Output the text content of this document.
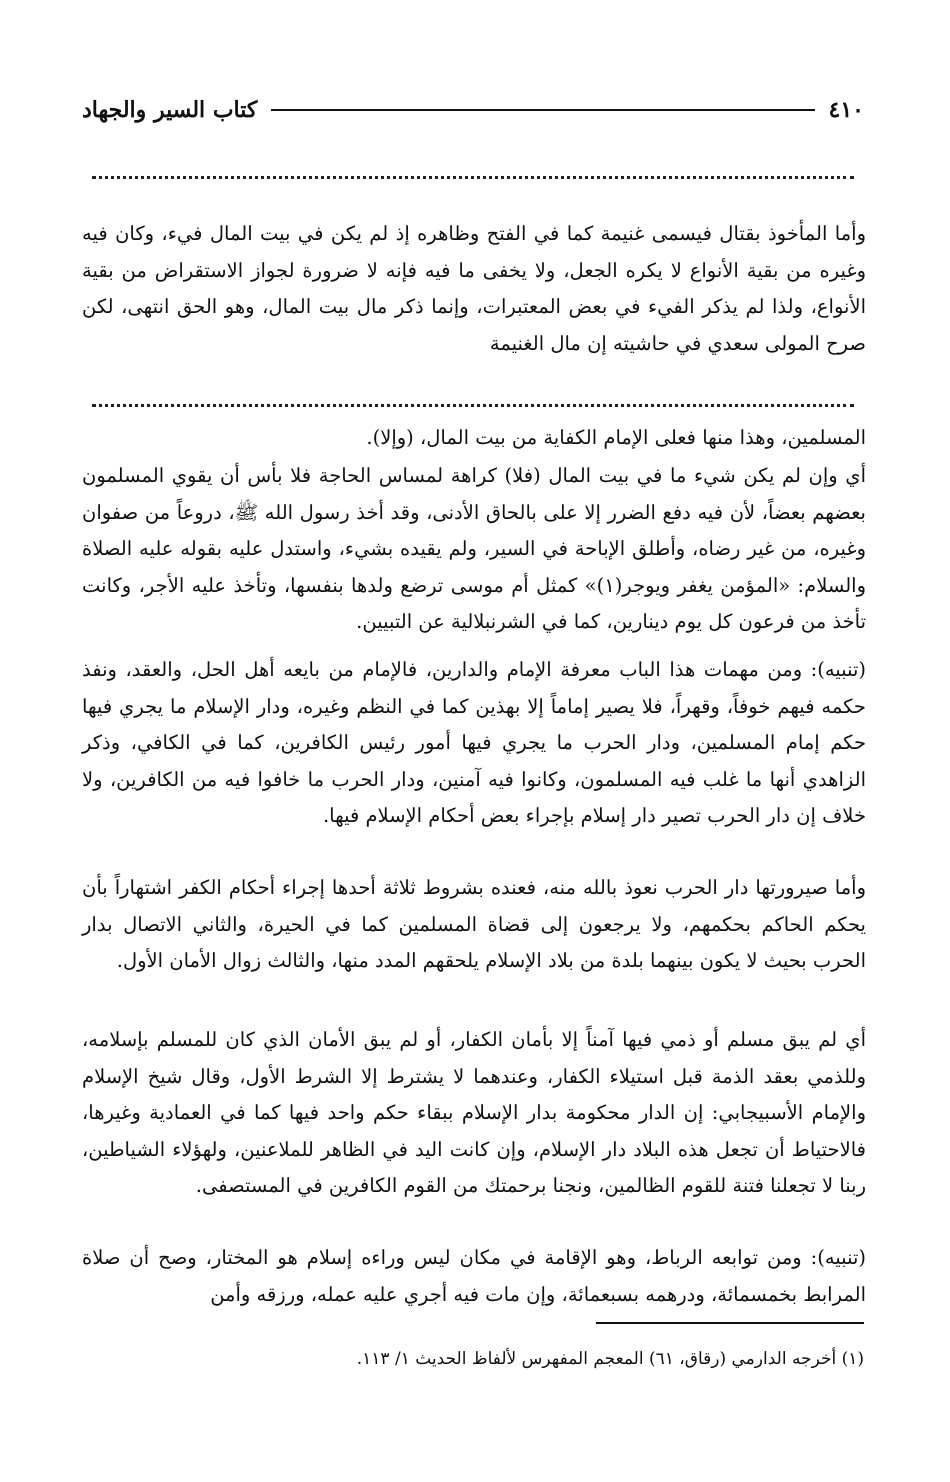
٤١٠
كتاب السير والجهاد

وأما المأخوذ بقتال فيسمى غنيمة كما في الفتح وظاهره إذ لم يكن في بيت المال فيء، وكان فيه وغيره من بقية الأنواع لا يكره الجعل، ولا يخفى ما فيه فإنه لا ضرورة لجواز الاستقراض من بقية الأنواع، ولذا لم يذكر الفيء في بعض المعتبرات، وإنما ذكر مال بيت المال، وهو الحق انتهى، لكن صرح المولى سعدي في حاشيته إن مال الغنيمة

المسلمين، وهذا منها فعلى الإمام الكفاية من بيت المال، (وإلا).

أي وإن لم يكن شيء ما في بيت المال (فلا) كراهة لمساس الحاجة فلا بأس أن يقوي المسلمون بعضهم بعضاً، لأن فيه دفع الضرر إلا على بالحاق الأدنى، وقد أخذ رسول الله ﷺ، دروعاً من صفوان وغيره، من غير رضاه، وأطلق الإباحة في السير، ولم يقيده بشيء، واستدل عليه بقوله عليه الصلاة والسلام: «المؤمن يغفر ويوجر(١)» كمثل أم موسى ترضع ولدها بنفسها، وتأخذ عليه الأجر، وكانت تأخذ من فرعون كل يوم دينارين، كما في الشرنبلالية عن التبيين.

(تنبيه): ومن مهمات هذا الباب معرفة الإمام والدارين، فالإمام من بايعه أهل الحل، والعقد، ونفذ حكمه فيهم خوفاً، وقهراً، فلا يصير إماماً إلا بهذين كما في النظم وغيره، ودار الإسلام ما يجري فيها حكم إمام المسلمين، ودار الحرب ما يجري فيها أمور رئيس الكافرين، كما في الكافي، وذكر الزاهدي أنها ما غلب فيه المسلمون، وكانوا فيه آمنين، ودار الحرب ما خافوا فيه من الكافرين، ولا خلاف إن دار الحرب تصير دار إسلام بإجراء بعض أحكام الإسلام فيها.

وأما صيرورتها دار الحرب نعوذ بالله منه، فعنده بشروط ثلاثة أحدها إجراء أحكام الكفر اشتهاراً بأن يحكم الحاكم بحكمهم، ولا يرجعون إلى قضاة المسلمين كما في الحيرة، والثاني الاتصال بدار الحرب بحيث لا يكون بينهما بلدة من بلاد الإسلام يلحقهم المدد منها، والثالث زوال الأمان الأول.

أي لم يبق مسلم أو ذمي فيها آمناً إلا بأمان الكفار، أو لم يبق الأمان الذي كان للمسلم بإسلامه، وللذمي بعقد الذمة قبل استيلاء الكفار، وعندهما لا يشترط إلا الشرط الأول، وقال شيخ الإسلام والإمام الأسبيجابي: إن الدار محكومة بدار الإسلام ببقاء حكم واحد فيها كما في العمادية وغيرها، فالاحتياط أن تجعل هذه البلاد دار الإسلام، وإن كانت اليد في الظاهر للملاعنين، ولهؤلاء الشياطين، ربنا لا تجعلنا فتنة للقوم الظالمين، ونجنا برحمتك من القوم الكافرين في المستصفى.

(تنبيه): ومن توابعه الرباط، وهو الإقامة في مكان ليس وراءه إسلام هو المختار، وصح أن صلاة المرابط بخمسمائة، ودرهمه بسبعمائة، وإن مات فيه أجري عليه عمله، ورزقه وأمن

(١) أخرجه الدارمي (رقاق، ٦١) المعجم المفهرس لألفاظ الحديث ١/ ١١٣.
